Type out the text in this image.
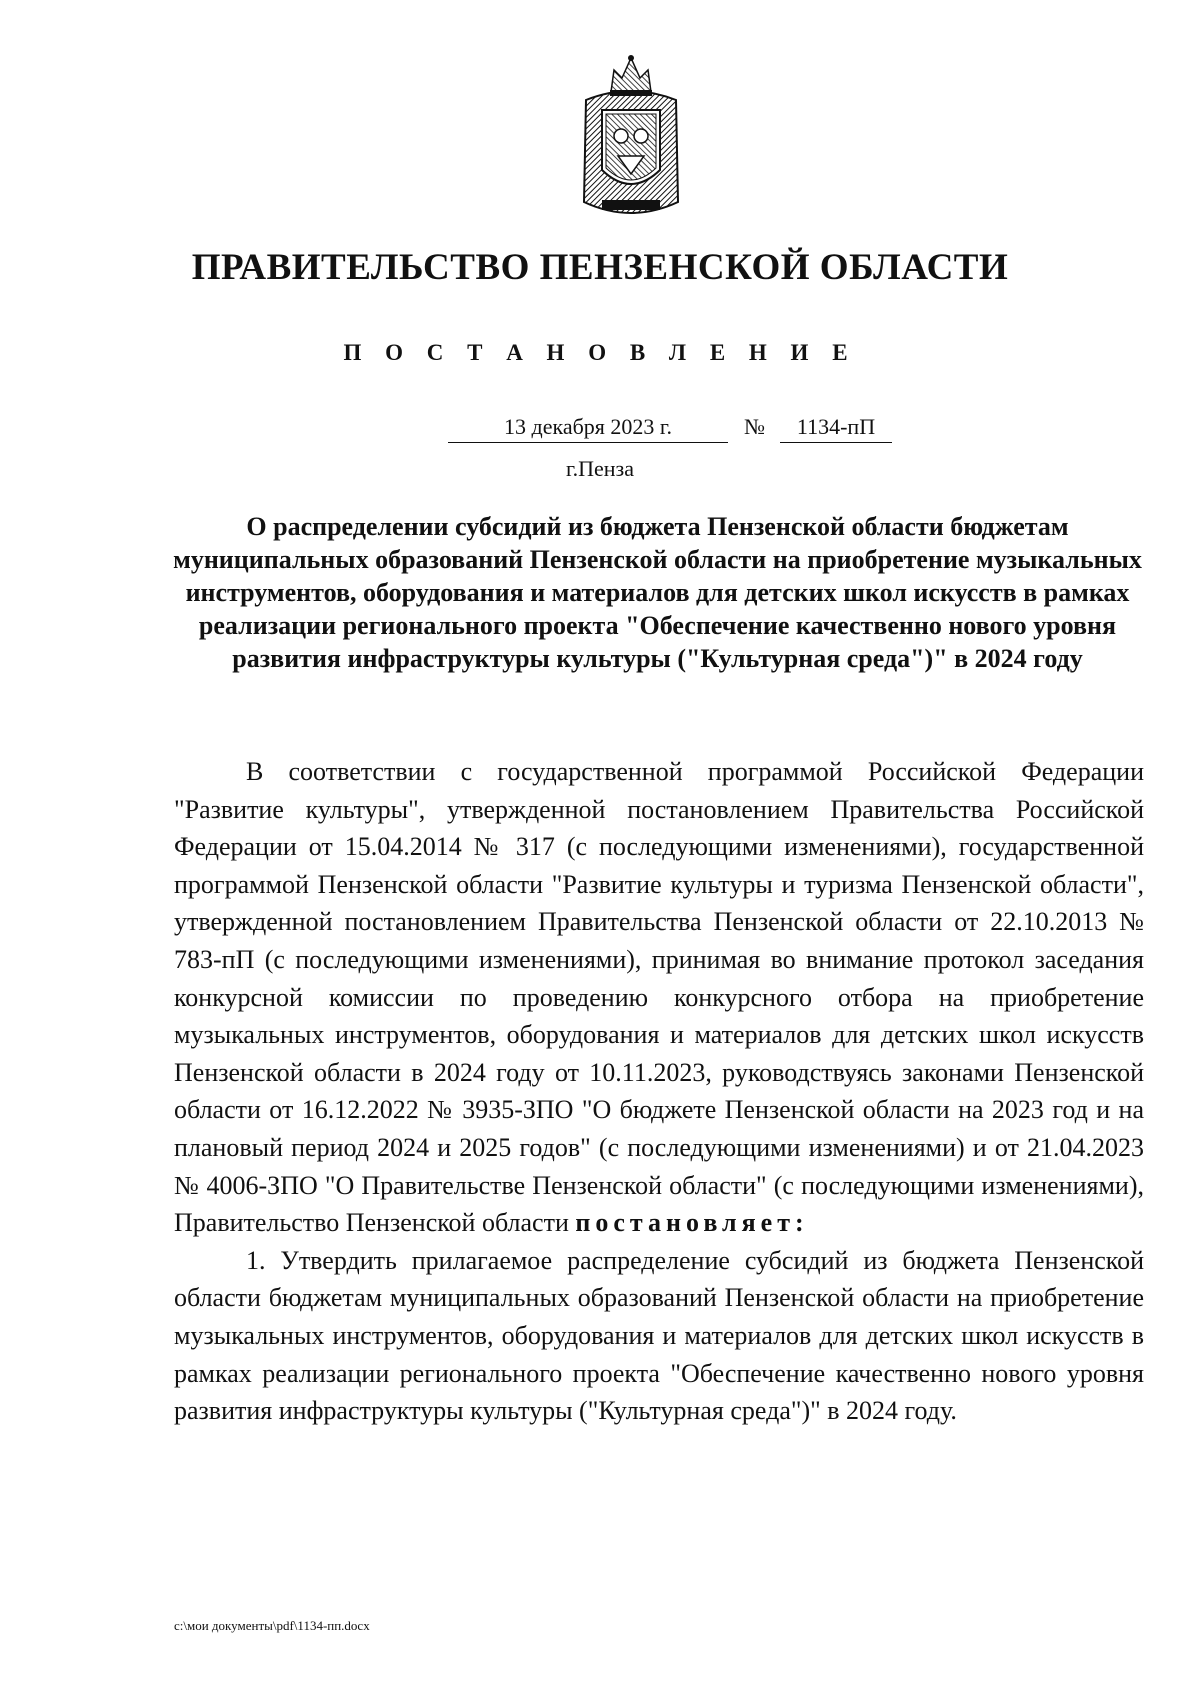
ПРАВИТЕЛЬСТВО ПЕНЗЕНСКОЙ ОБЛАСТИ
П О С Т А Н О В Л Е Н И Е
13 декабря 2023 г.	№	1134-пП
г.Пенза
О распределении субсидий из бюджета Пензенской области бюджетам муниципальных образований Пензенской области на приобретение музыкальных инструментов, оборудования и материалов для детских школ искусств в рамках реализации регионального проекта "Обеспечение качественно нового уровня развития инфраструктуры культуры ("Культурная среда")" в 2024 году

В соответствии с государственной программой Российской Федерации "Развитие культуры", утвержденной постановлением Правительства Российской Федерации от 15.04.2014 № 317 (с последующими изменениями), государственной программой Пензенской области "Развитие культуры и туризма Пензенской области", утвержденной постановлением Правительства Пензенской области от 22.10.2013 № 783-пП (с последующими изменениями), принимая во внимание протокол заседания конкурсной комиссии по проведению конкурсного отбора на приобретение музыкальных инструментов, оборудования и материалов для детских школ искусств Пензенской области в 2024 году от 10.11.2023, руководствуясь законами Пензенской области от 16.12.2022 № 3935-ЗПО "О бюджете Пензенской области на 2023 год и на плановый период 2024 и 2025 годов" (с последующими изменениями) и от 21.04.2023 № 4006-ЗПО "О Правительстве Пензенской области" (с последующими изменениями), Правительство Пензенской области постановляет:

1. Утвердить прилагаемое распределение субсидий из бюджета Пензенской области бюджетам муниципальных образований Пензенской области на приобретение музыкальных инструментов, оборудования и материалов для детских школ искусств в рамках реализации регионального проекта "Обеспечение качественно нового уровня развития инфраструктуры культуры ("Культурная среда")" в 2024 году.

c:\мои документы\pdf\1134-пп.docx
